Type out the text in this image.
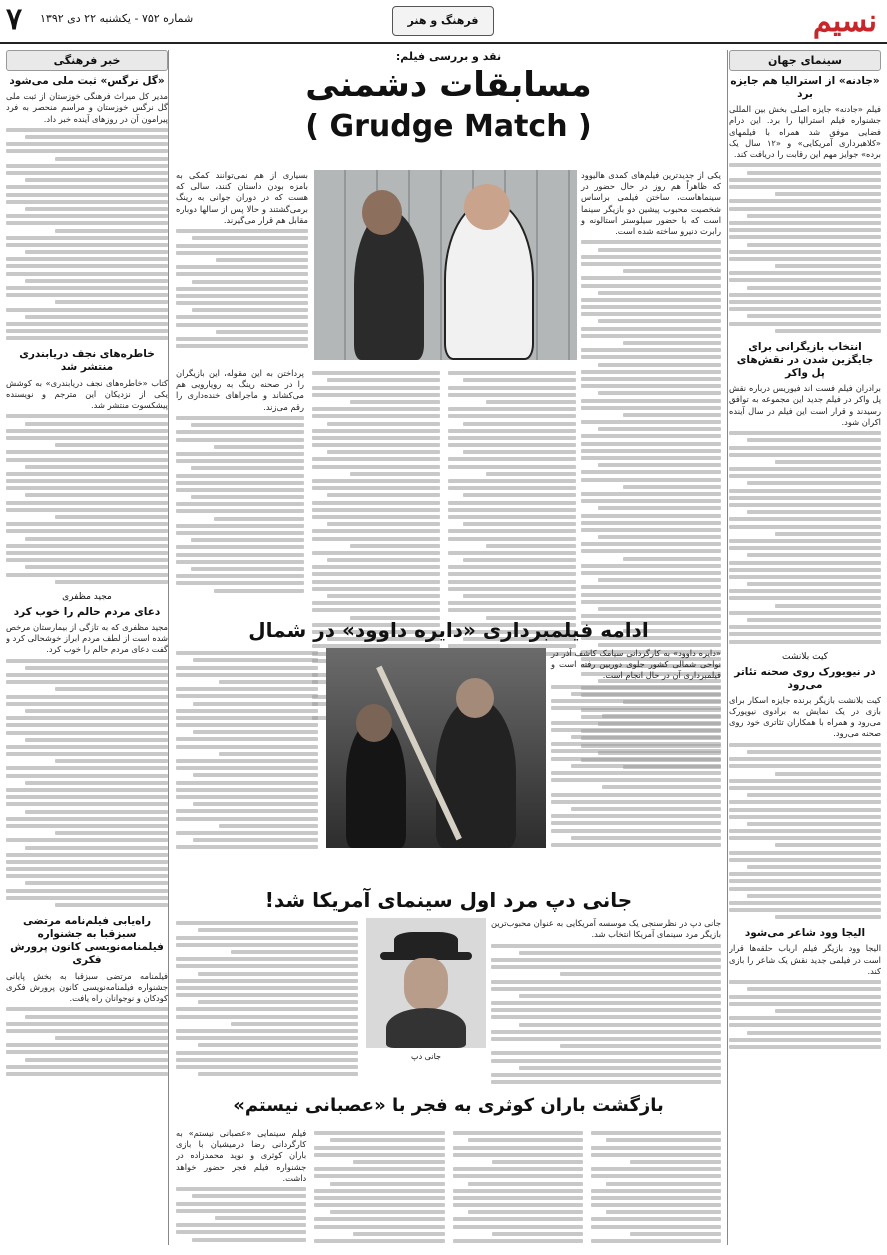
نسیم
فرهنگ و هنر
شماره ۷۵۲ - یکشنبه ۲۲ دی ۱۳۹۲
۷
سینمای جهان
«جادنه» از استرالیا هم جایزه برد
فیلم «جادنه» جایزه اصلی بخش بین المللی جشنواره فیلم استرالیا را برد. این درام فضایی موفق شد همراه با فیلمهای «کلاهبرداری آمریکایی» و «۱۲ سال یک برده» جوایز مهم این رقابت را دریافت کند.
انتخاب بازیگرانی برای جایگزین شدن در نقش‌های پل واکر
برادران فیلم فست اند فیوریس درباره نقش پل واکر در فیلم جدید این مجموعه به توافق رسیدند و قرار است این فیلم در سال آینده اکران شود.
کیت بلانشت
در نیویورک روی صحنه تئاتر می‌رود
کیت بلانشت بازیگر برنده جایزه اسکار برای بازی در یک نمایش به برادوی نیویورک می‌رود و همراه با همکاران تئاتری خود روی صحنه می‌رود.
الیجا وود شاعر می‌شود
الیجا وود بازیگر فیلم ارباب حلقه‌ها قرار است در فیلمی جدید نقش یک شاعر را بازی کند.
خبر فرهنگی
«گل نرگس» ثبت ملی می‌شود
مدیر کل میراث فرهنگی خوزستان از ثبت ملی گل نرگس خوزستان و مراسم منحصر به فرد پیرامون آن در روزهای آینده خبر داد.
خاطره‌های نجف دریابندری منتشر شد
کتاب «خاطره‌های نجف دریابندری» به کوشش یکی از نزدیکان این مترجم و نویسنده پیشکسوت منتشر شد.
مجید مظفری
دعای مردم حالم را خوب کرد
مجید مظفری که به تازگی از بیمارستان مرخص شده است از لطف مردم ابراز خوشحالی کرد و گفت دعای مردم حالم را خوب کرد.
راه‌یابی فیلم‌نامه مرتضی سبزقبا به جشنواره فیلمنامه‌نویسی کانون پرورش فکری
فیلمنامه مرتضی سبزقبا به بخش پایانی جشنواره فیلمنامه‌نویسی کانون پرورش فکری کودکان و نوجوانان راه یافت.
نقد و بررسی فیلم:
مسابقات دشمنی
( Grudge Match )
یکی از جدیدترین فیلم‌های کمدی هالیوود که ظاهراً هم روز در حال حضور در سینماهاست، ساختن فیلمی براساس شخصیت محبوب پیشین دو بازیگر سینما است که با حضور سیلوستر استالونه و رابرت دنیرو ساخته شده است.
پرداختن به این مقوله، این بازیگران را در صحنه رینگ به رویارویی هم می‌کشاند و ماجراهای خنده‌داری را رقم می‌زند.
بسیاری از هم نمی‌توانند کمکی به بامزه بودن داستان کنند، سالی که هست که در دوران جوانی به رینگ برمی‌گشتند و حالا پس از سالها دوباره مقابل هم قرار می‌گیرند.
ادامه فیلمبرداری «دایره داوود» در شمال
«دایره داوود» به کارگردانی سیامک کاشف آذر در نواحی شمالی کشور جلوی دوربین رفته است و فیلمبرداری آن در حال انجام است.
جانی دپ مرد اول سینمای آمریکا شد!
جانی دپ
جانی دپ در نظرسنجی یک موسسه آمریکایی به عنوان محبوب‌ترین بازیگر مرد سینمای آمریکا انتخاب شد.
بازگشت باران کوثری به فجر با «عصبانی نیستم»
فیلم سینمایی «عصبانی نیستم» به کارگردانی رضا درمیشیان با بازی باران کوثری و نوید محمدزاده در جشنواره فیلم فجر حضور خواهد داشت.
